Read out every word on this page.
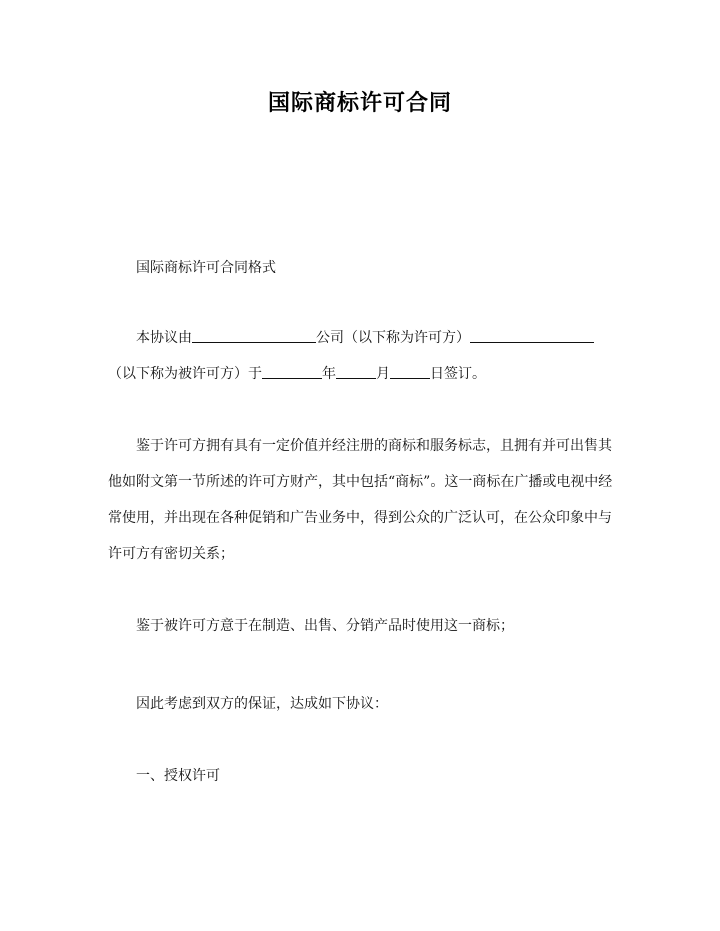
国际商标许可合同
国际商标许可合同格式
本协议由	公司（以下称为许可方）（以下称为被许可方）于	年	月	日签订。
鉴于许可方拥有具有一定价值并经注册的商标和服务标志，且拥有并可出售其他如附文第一节所述的许可方财产，其中包括“商标”。这一商标在广播或电视中经常使用，并出现在各种促销和广告业务中，得到公众的广泛认可，在公众印象中与许可方有密切关系；
鉴于被许可方意于在制造、出售、分销产品时使用这一商标；
因此考虑到双方的保证，达成如下协议：
一、授权许可
